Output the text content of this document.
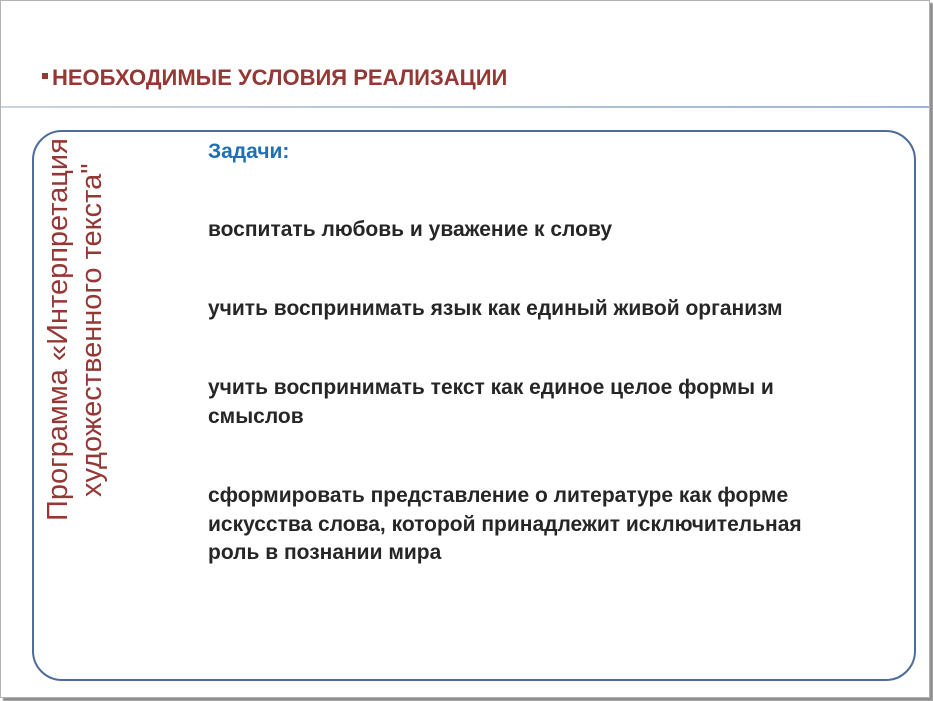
НЕОБХОДИМЫЕ УСЛОВИЯ РЕАЛИЗАЦИИ
Программа «Интерпретация художественного текста"
Задачи:
воспитать любовь и уважение к слову
учить воспринимать язык как единый живой организм
учить воспринимать текст как единое целое формы и
смыслов
сформировать представление о литературе как форме
искусства слова, которой принадлежит исключительная
роль в познании мира
